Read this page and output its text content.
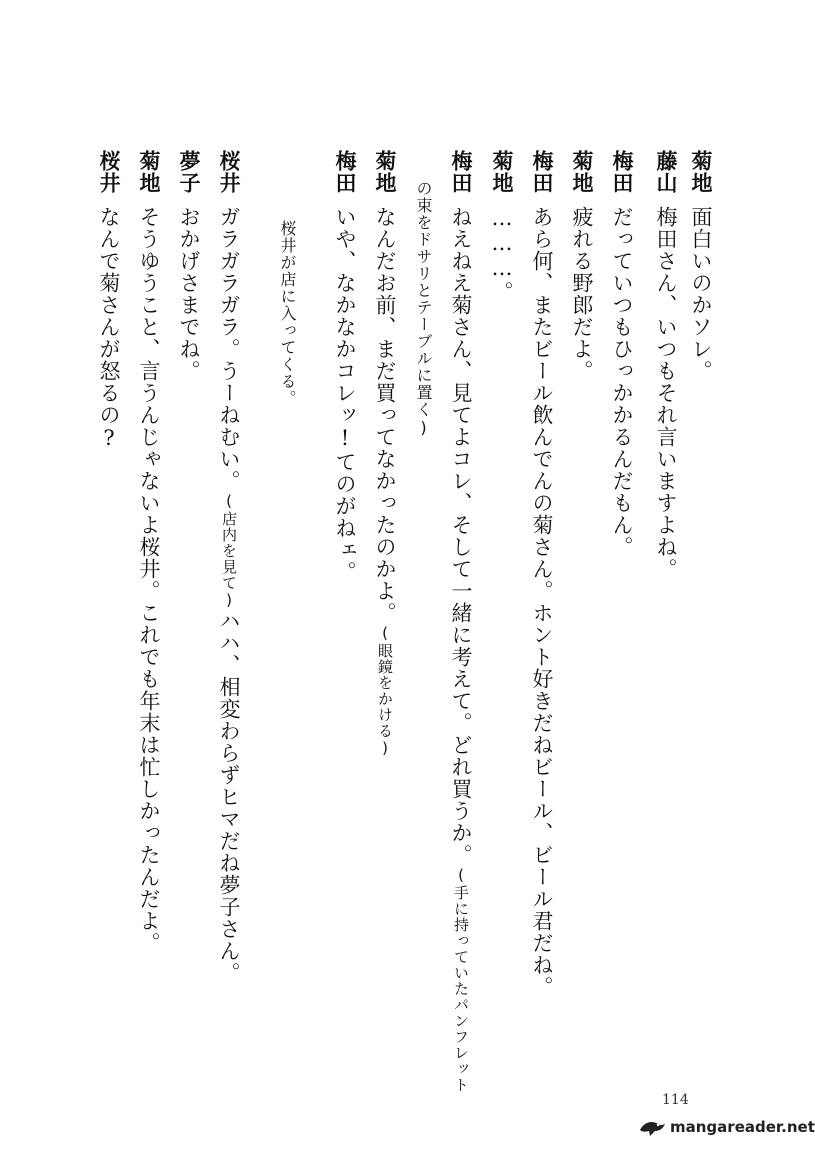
菊地面白いのかソレ。
藤山梅田さん、いつもそれ言いますよね。
梅田だっていつもひっかかるんだもん。
菊地疲れる野郎だよ。
梅田あら何、またビール飲んでんの菊さん。ホント好きだねビール、ビール君だね。
菊地………。
梅田ねえねえ菊さん、見てよコレ、そして一緒に考えて。どれ買うか。(手に持っていたパンフレット
の束をドサリとテーブルに置く)
菊地なんだお前、まだ買ってなかったのかよ。(眼鏡をかける)
梅田いや、なかなかコレッ!てのがねェ。
桜井が店に入ってくる。
桜井ガラガラガラ。うーねむい。(店内を見て)ハハ、相変わらずヒマだね夢子さん。
夢子おかげさまでね。
菊地そうゆうこと、言うんじゃないよ桜井。これでも年末は忙しかったんだよ。
桜井なんで菊さんが怒るの?
114
mangareader.net
